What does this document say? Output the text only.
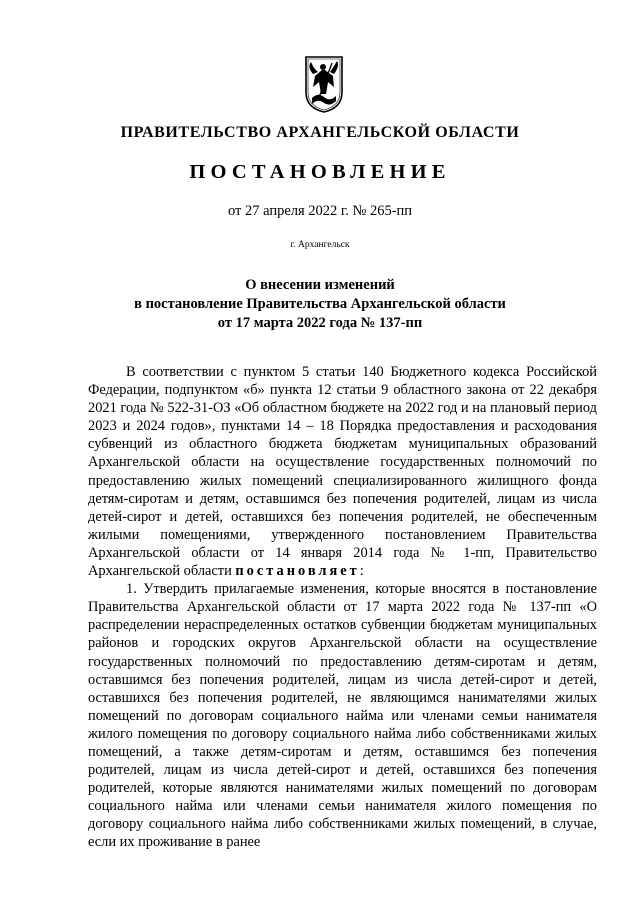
ПРАВИТЕЛЬСТВО АРХАНГЕЛЬСКОЙ ОБЛАСТИ
ПОСТАНОВЛЕНИЕ
от 27 апреля 2022 г. № 265-пп
г. Архангельск
О внесении изменений
в постановление Правительства Архангельской области
от 17 марта 2022 года № 137-пп

В соответствии с пунктом 5 статьи 140 Бюджетного кодекса Российской Федерации, подпунктом «б» пункта 12 статьи 9 областного закона от 22 декабря 2021 года № 522-31-ОЗ «Об областном бюджете на 2022 год и на плановый период 2023 и 2024 годов», пунктами 14 – 18 Порядка предоставления и расходования субвенций из областного бюджета бюджетам муниципальных образований Архангельской области на осуществление государственных полномочий по предоставлению жилых помещений специализированного жилищного фонда детям-сиротам и детям, оставшимся без попечения родителей, лицам из числа детей-сирот и детей, оставшихся без попечения родителей, не обеспеченным жилыми помещениями, утвержденного постановлением Правительства Архангельской области от 14 января 2014 года № 1-пп, Правительство Архангельской области постановляет:

1. Утвердить прилагаемые изменения, которые вносятся в постановление Правительства Архангельской области от 17 марта 2022 года № 137-пп «О распределении нераспределенных остатков субвенции бюджетам муниципальных районов и городских округов Архангельской области на осуществление государственных полномочий по предоставлению детям-сиротам и детям, оставшимся без попечения родителей, лицам из числа детей-сирот и детей, оставшихся без попечения родителей, не являющимся нанимателями жилых помещений по договорам социального найма или членами семьи нанимателя жилого помещения по договору социального найма либо собственниками жилых помещений, а также детям-сиротам и детям, оставшимся без попечения родителей, лицам из числа детей-сирот и детей, оставшихся без попечения родителей, которые являются нанимателями жилых помещений по договорам социального найма или членами семьи нанимателя жилого помещения по договору социального найма либо собственниками жилых помещений, в случае, если их проживание в ранее
